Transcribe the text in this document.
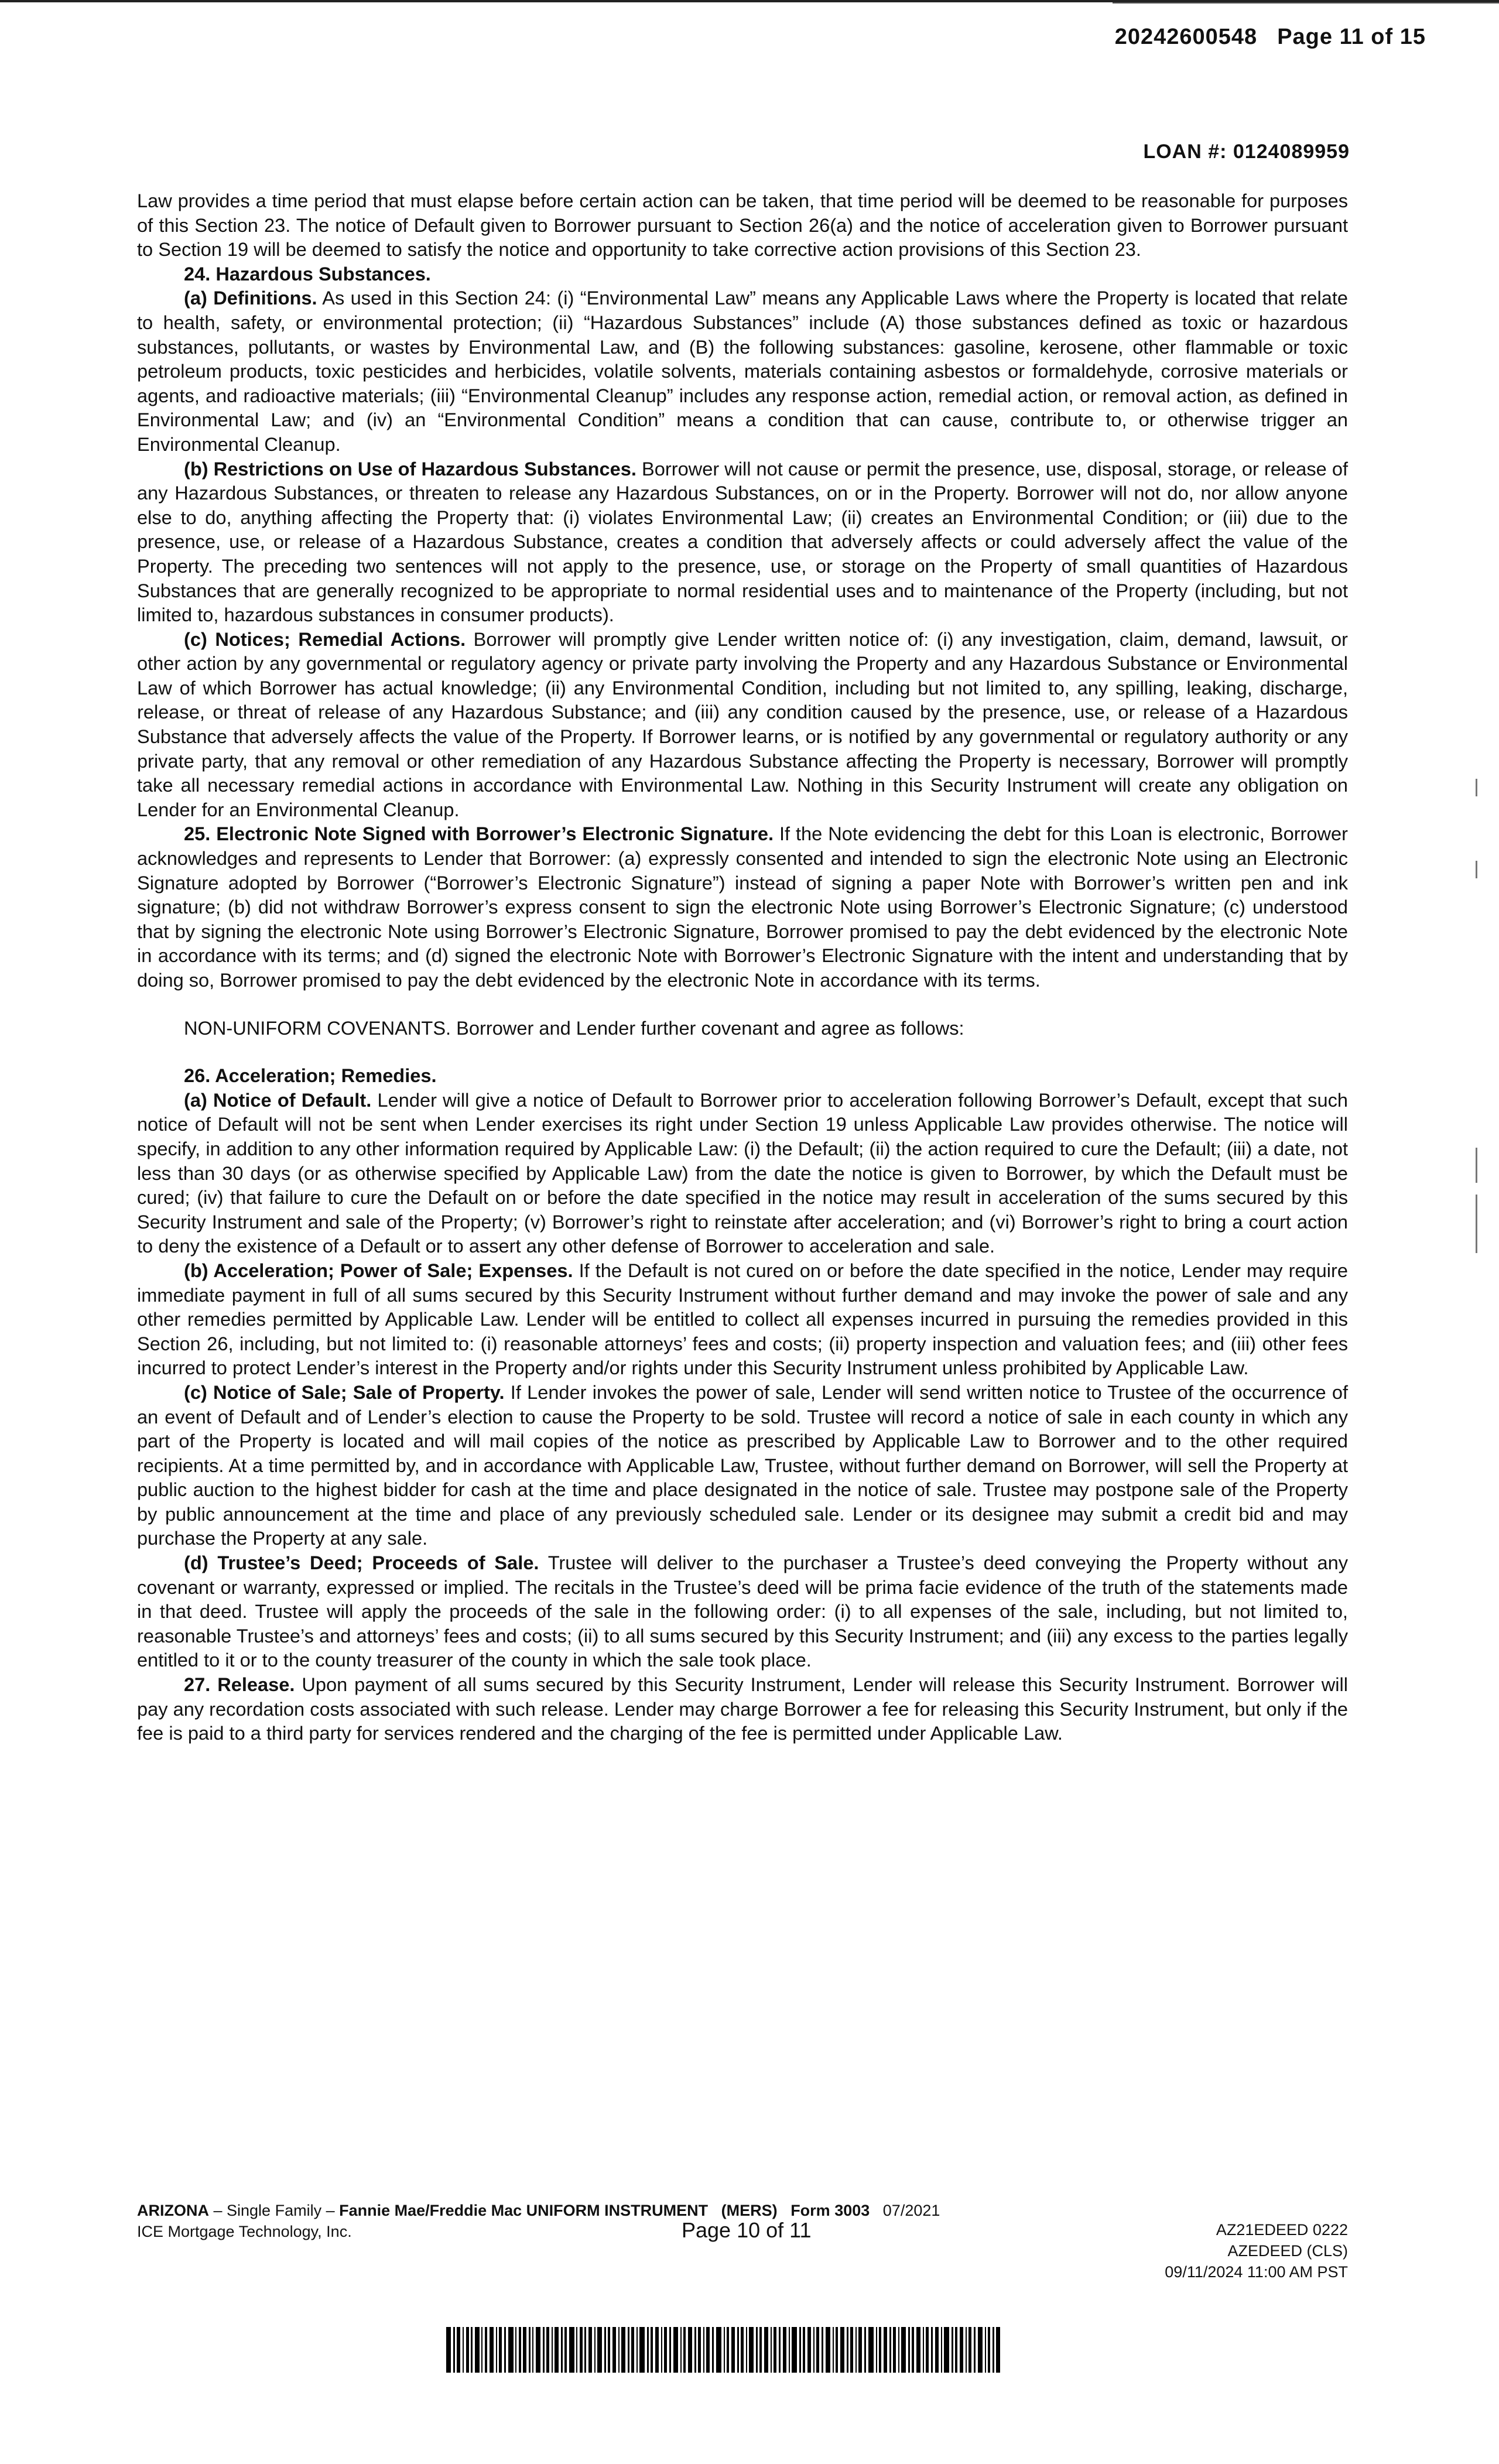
20242600548 Page 11 of 15
LOAN #: 0124089959

Law provides a time period that must elapse before certain action can be taken, that time period will be deemed to be reasonable for purposes of this Section 23. The notice of Default given to Borrower pursuant to Section 26(a) and the notice of acceleration given to Borrower pursuant to Section 19 will be deemed to satisfy the notice and opportunity to take corrective action provisions of this Section 23.

24. Hazardous Substances.

(a) Definitions. As used in this Section 24: (i) “Environmental Law” means any Applicable Laws where the Property is located that relate to health, safety, or environmental protection; (ii) “Hazardous Substances” include (A) those substances defined as toxic or hazardous substances, pollutants, or wastes by Environmental Law, and (B) the following substances: gasoline, kerosene, other flammable or toxic petroleum products, toxic pesticides and herbicides, volatile solvents, materials containing asbestos or formaldehyde, corrosive materials or agents, and radioactive materials; (iii) “Environmental Cleanup” includes any response action, remedial action, or removal action, as defined in Environmental Law; and (iv) an “Environmental Condition” means a condition that can cause, contribute to, or otherwise trigger an Environmental Cleanup.

(b) Restrictions on Use of Hazardous Substances. Borrower will not cause or permit the presence, use, disposal, storage, or release of any Hazardous Substances, or threaten to release any Hazardous Substances, on or in the Property. Borrower will not do, nor allow anyone else to do, anything affecting the Property that: (i) violates Environmental Law; (ii) creates an Environmental Condition; or (iii) due to the presence, use, or release of a Hazardous Substance, creates a condition that adversely affects or could adversely affect the value of the Property. The preceding two sentences will not apply to the presence, use, or storage on the Property of small quantities of Hazardous Substances that are generally recognized to be appropriate to normal residential uses and to maintenance of the Property (including, but not limited to, hazardous substances in consumer products).

(c) Notices; Remedial Actions. Borrower will promptly give Lender written notice of: (i) any investigation, claim, demand, lawsuit, or other action by any governmental or regulatory agency or private party involving the Property and any Hazardous Substance or Environmental Law of which Borrower has actual knowledge; (ii) any Environmental Condition, including but not limited to, any spilling, leaking, discharge, release, or threat of release of any Hazardous Substance; and (iii) any condition caused by the presence, use, or release of a Hazardous Substance that adversely affects the value of the Property. If Borrower learns, or is notified by any governmental or regulatory authority or any private party, that any removal or other remediation of any Hazardous Substance affecting the Property is necessary, Borrower will promptly take all necessary remedial actions in accordance with Environmental Law. Nothing in this Security Instrument will create any obligation on Lender for an Environmental Cleanup.

25. Electronic Note Signed with Borrower’s Electronic Signature. If the Note evidencing the debt for this Loan is electronic, Borrower acknowledges and represents to Lender that Borrower: (a) expressly consented and intended to sign the electronic Note using an Electronic Signature adopted by Borrower (“Borrower’s Electronic Signature”) instead of signing a paper Note with Borrower’s written pen and ink signature; (b) did not withdraw Borrower’s express consent to sign the electronic Note using Borrower’s Electronic Signature; (c) understood that by signing the electronic Note using Borrower’s Electronic Signature, Borrower promised to pay the debt evidenced by the electronic Note in accordance with its terms; and (d) signed the electronic Note with Borrower’s Electronic Signature with the intent and understanding that by doing so, Borrower promised to pay the debt evidenced by the electronic Note in accordance with its terms.

NON-UNIFORM COVENANTS. Borrower and Lender further covenant and agree as follows:

26. Acceleration; Remedies.

(a) Notice of Default. Lender will give a notice of Default to Borrower prior to acceleration following Borrower’s Default, except that such notice of Default will not be sent when Lender exercises its right under Section 19 unless Applicable Law provides otherwise. The notice will specify, in addition to any other information required by Applicable Law: (i) the Default; (ii) the action required to cure the Default; (iii) a date, not less than 30 days (or as otherwise specified by Applicable Law) from the date the notice is given to Borrower, by which the Default must be cured; (iv) that failure to cure the Default on or before the date specified in the notice may result in acceleration of the sums secured by this Security Instrument and sale of the Property; (v) Borrower’s right to reinstate after acceleration; and (vi) Borrower’s right to bring a court action to deny the existence of a Default or to assert any other defense of Borrower to acceleration and sale.

(b) Acceleration; Power of Sale; Expenses. If the Default is not cured on or before the date specified in the notice, Lender may require immediate payment in full of all sums secured by this Security Instrument without further demand and may invoke the power of sale and any other remedies permitted by Applicable Law. Lender will be entitled to collect all expenses incurred in pursuing the remedies provided in this Section 26, including, but not limited to: (i) reasonable attorneys’ fees and costs; (ii) property inspection and valuation fees; and (iii) other fees incurred to protect Lender’s interest in the Property and/or rights under this Security Instrument unless prohibited by Applicable Law.

(c) Notice of Sale; Sale of Property. If Lender invokes the power of sale, Lender will send written notice to Trustee of the occurrence of an event of Default and of Lender’s election to cause the Property to be sold. Trustee will record a notice of sale in each county in which any part of the Property is located and will mail copies of the notice as prescribed by Applicable Law to Borrower and to the other required recipients. At a time permitted by, and in accordance with Applicable Law, Trustee, without further demand on Borrower, will sell the Property at public auction to the highest bidder for cash at the time and place designated in the notice of sale. Trustee may postpone sale of the Property by public announcement at the time and place of any previously scheduled sale. Lender or its designee may submit a credit bid and may purchase the Property at any sale.

(d) Trustee’s Deed; Proceeds of Sale. Trustee will deliver to the purchaser a Trustee’s deed conveying the Property without any covenant or warranty, expressed or implied. The recitals in the Trustee’s deed will be prima facie evidence of the truth of the statements made in that deed. Trustee will apply the proceeds of the sale in the following order: (i) to all expenses of the sale, including, but not limited to, reasonable Trustee’s and attorneys’ fees and costs; (ii) to all sums secured by this Security Instrument; and (iii) any excess to the parties legally entitled to it or to the county treasurer of the county in which the sale took place.

27. Release. Upon payment of all sums secured by this Security Instrument, Lender will release this Security Instrument. Borrower will pay any recordation costs associated with such release. Lender may charge Borrower a fee for releasing this Security Instrument, but only if the fee is paid to a third party for services rendered and the charging of the fee is permitted under Applicable Law.

ARIZONA – Single Family – Fannie Mae/Freddie Mac UNIFORM INSTRUMENT (MERS) Form 3003 07/2021
ICE Mortgage Technology, Inc.	Page 10 of 11	AZ21EDEED 0222
AZEDEED (CLS)
09/11/2024 11:00 AM PST
